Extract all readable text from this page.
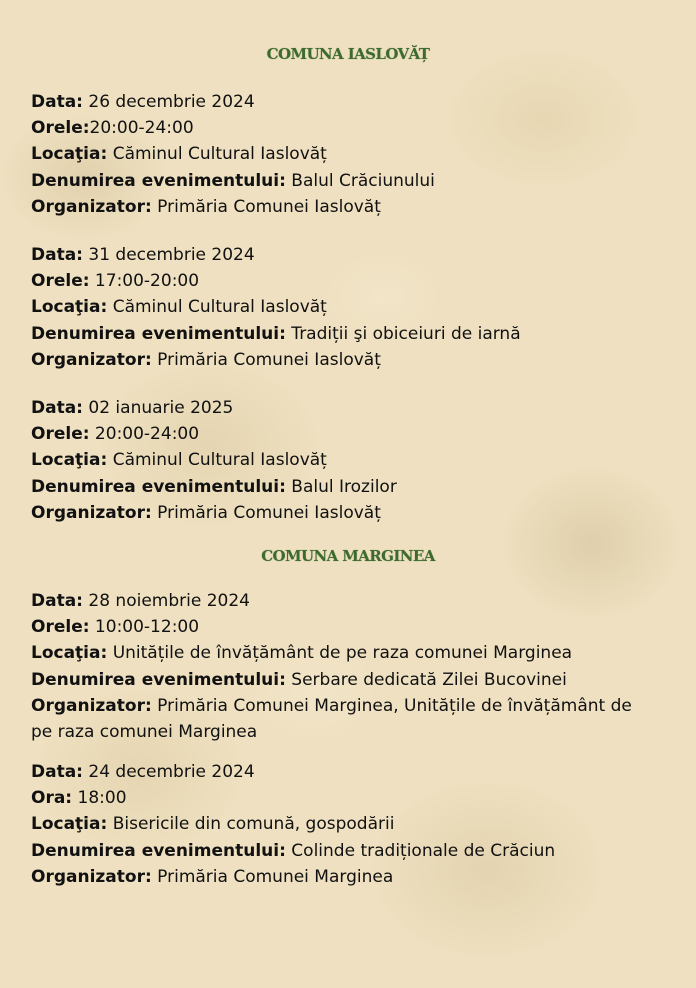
COMUNA IASLOVĂȚ
Data: 26 decembrie 2024
Orele:20:00-24:00
Locaţia: Căminul Cultural Iaslovăț
Denumirea evenimentului: Balul Crăciunului
Organizator: Primăria Comunei Iaslovăț
Data: 31 decembrie 2024
Orele: 17:00-20:00
Locaţia: Căminul Cultural Iaslovăț
Denumirea evenimentului: Tradiții şi obiceiuri de iarnă
Organizator: Primăria Comunei Iaslovăț
Data: 02 ianuarie 2025
Orele: 20:00-24:00
Locaţia: Căminul Cultural Iaslovăț
Denumirea evenimentului: Balul Irozilor
Organizator: Primăria Comunei Iaslovăț
COMUNA MARGINEA
Data: 28 noiembrie 2024
Orele: 10:00-12:00
Locaţia: Unitățile de învățământ de pe raza comunei Marginea
Denumirea evenimentului: Serbare dedicată Zilei Bucovinei
Organizator: Primăria Comunei Marginea, Unitățile de învățământ de pe raza comunei Marginea
Data: 24 decembrie 2024
Ora: 18:00
Locaţia: Bisericile din comună, gospodării
Denumirea evenimentului: Colinde tradiționale de Crăciun
Organizator: Primăria Comunei Marginea
